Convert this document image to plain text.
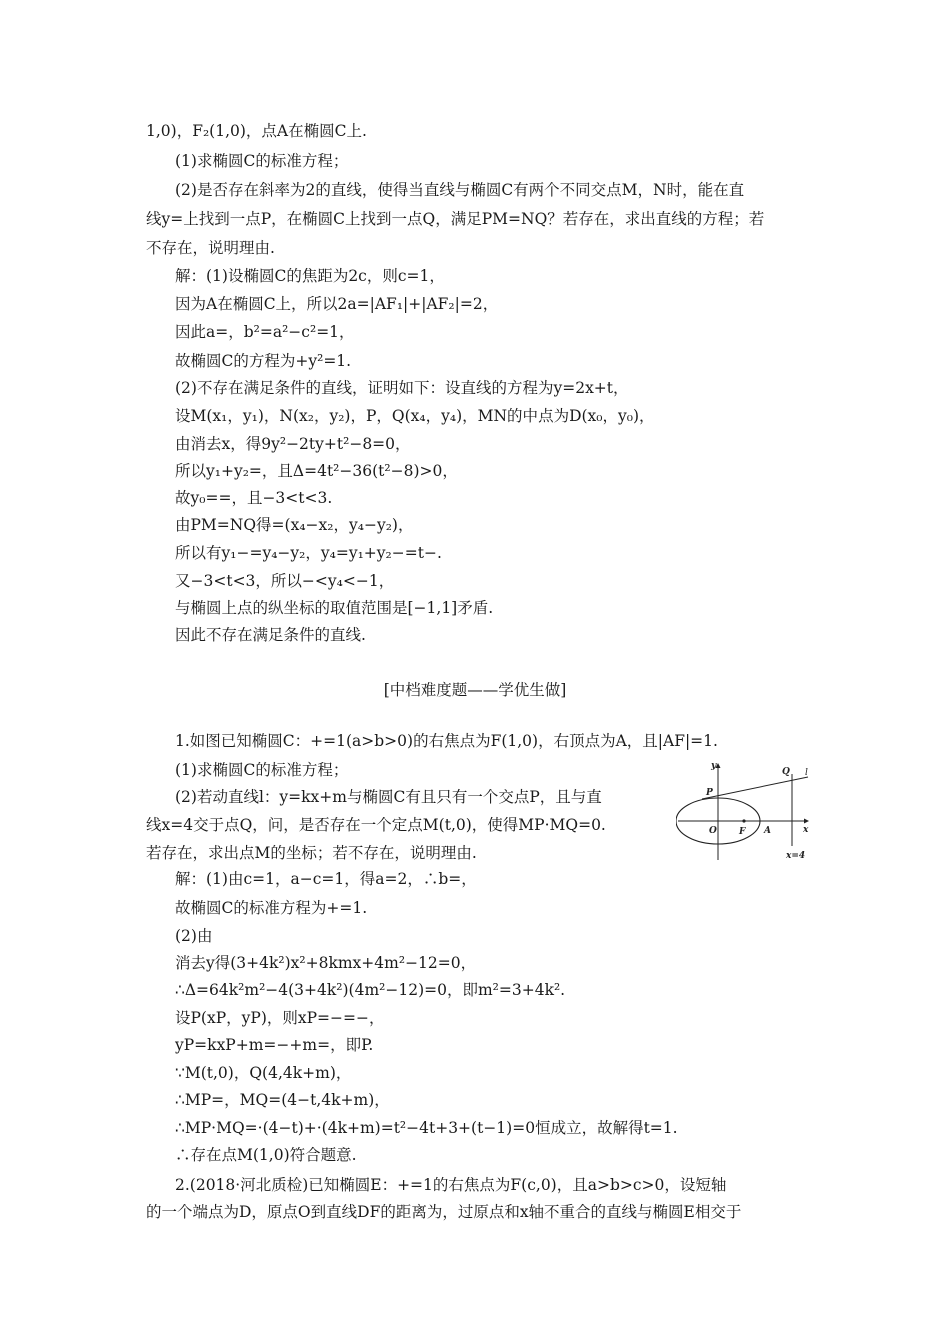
1,0)，F₂(1,0)，点A在椭圆C上.
(1)求椭圆C的标准方程；
(2)是否存在斜率为2的直线，使得当直线与椭圆C有两个不同交点M，N时，能在直
线y=上找到一点P，在椭圆C上找到一点Q，满足PM=NQ？若存在，求出直线的方程；若
不存在，说明理由.
解：(1)设椭圆C的焦距为2c，则c=1，
因为A在椭圆C上，所以2a=|AF₁|+|AF₂|=2，
因此a=，b²=a²−c²=1，
故椭圆C的方程为+y²=1.
(2)不存在满足条件的直线，证明如下：设直线的方程为y=2x+t，
设M(x₁，y₁)，N(x₂，y₂)，P，Q(x₄，y₄)，MN的中点为D(x₀，y₀)，
由消去x，得9y²−2ty+t²−8=0，
所以y₁+y₂=，且Δ=4t²−36(t²−8)>0，
故y₀==，且−3<t<3.
由PM=NQ得=(x₄−x₂，y₄−y₂)，
所以有y₁−=y₄−y₂，y₄=y₁+y₂−=t−.
又−3<t<3，所以−<y₄<−1，
与椭圆上点的纵坐标的取值范围是[−1,1]矛盾.
因此不存在满足条件的直线.
[中档难度题——学优生做]
1.如图已知椭圆C：+=1(a>b>0)的右焦点为F(1,0)，右顶点为A，且|AF|=1.
(1)求椭圆C的标准方程；
(2)若动直线l：y=kx+m与椭圆C有且只有一个交点P，且与直
线x=4交于点Q，问，是否存在一个定点M(t,0)，使得MP·MQ=0.
若存在，求出点M的坐标；若不存在，说明理由.
解：(1)由c=1，a−c=1，得a=2，∴b=，
故椭圆C的标准方程为+=1.
(2)由
消去y得(3+4k²)x²+8kmx+4m²−12=0，
∴Δ=64k²m²−4(3+4k²)(4m²−12)=0，即m²=3+4k².
设P(xP，yP)，则xP=−=−，
yP=kxP+m=−+m=，即P.
∵M(t,0)，Q(4,4k+m)，
∴MP=，MQ=(4−t,4k+m)，
∴MP·MQ=·(4−t)+·(4k+m)=t²−4t+3+(t−1)=0恒成立，故解得t=1.
∴存在点M(1,0)符合题意.
2.(2018·河北质检)已知椭圆E：+=1的右焦点为F(c,0)，且a>b>c>0，设短轴
的一个端点为D，原点O到直线DF的距离为，过原点和x轴不重合的直线与椭圆E相交于
y
x
O F A
P
Q l
x=4
